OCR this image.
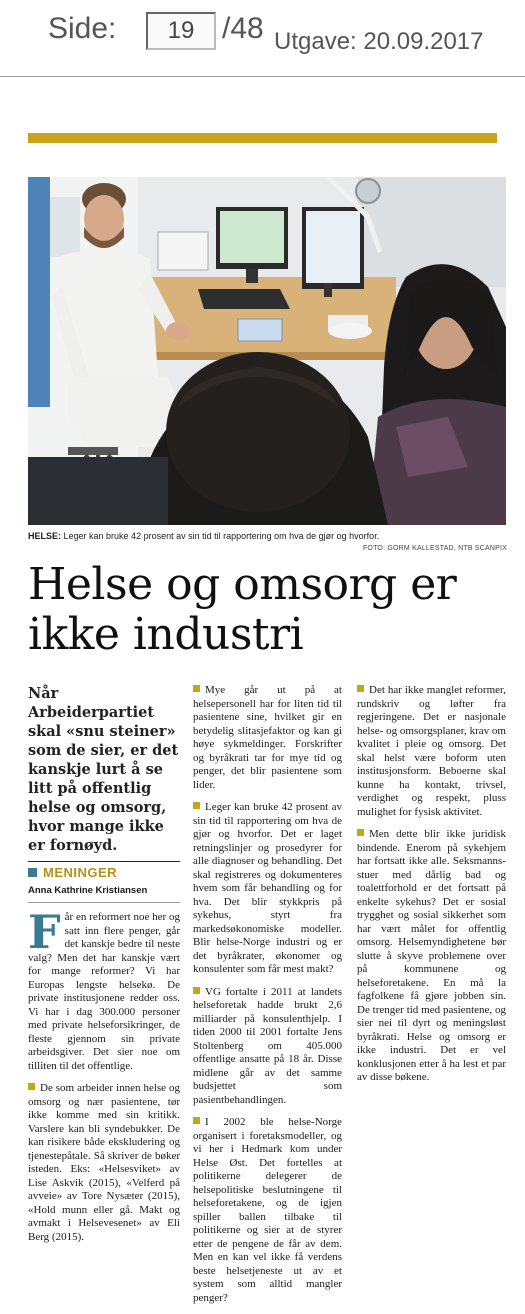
Side:	19 /48 Utgave: 20.09.2017
HELSE: Leger kan bruke 42 prosent av sin tid til rapportering om hva de gjør og hvorfor.
FOTO: GORM KALLESTAD, NTB SCANPIX
Helse og omsorg er ikke industri
Når Arbeiderpartiet skal «snu steiner» som de sier, er det kanskje lurt å se litt på offentlig helse og omsorg, hvor mange ikke er fornøyd.
MENINGER
Anna Kathrine Kristiansen

Får en reformert noe her og satt inn flere penger, går det kanskje bedre til neste valg? Men det har kanskje vært for mange reformer? Vi har Europas lengste helsekø. De private institusjonene redder oss. Vi har i dag 300.000 personer med private helseforsikringer, de fleste gjennom sin private arbeidsgiver. Det sier noe om tilliten til det offentlige.

De som arbeider innen helse og omsorg og nær pasientene, tør ikke komme med sin kritikk. Varslere kan bli syndebukker. De kan risikere både ekskludering og tjenestepåtale. Så skriver de bøker isteden. Eks: «Helsesviket» av Lise Askvik (2015), «Velferd på avveie» av Tore Nysæter (2015), «Hold munn eller gå. Makt og avmakt i Helsevesenet» av Eli Berg (2015).

Mye går ut på at helsepersonell har for liten tid til pasientene sine, hvilket gir en betydelig slitasjefaktor og kan gi høye sykmeldinger. Forskrifter og byråkrati tar for mye tid og penger, det blir pasientene som lider.

Leger kan bruke 42 prosent av sin tid til rapportering om hva de gjør og hvorfor. Det er laget retningslinjer og prosedyrer for alle diagnoser og behandling. Det skal registreres og dokumenteres hvem som får behandling og for hva. Det blir stykkpris på sykehus, styrt fra markedsøkonomiske modeller. Blir helse-Norge industri og er det byråkrater, økonomer og konsulenter som får mest makt?

VG fortalte i 2011 at landets helseforetak hadde brukt 2,6 milliarder på konsulenthjelp. I tiden 2000 til 2001 fortalte Jens Stoltenberg om 405.000 offentlige ansatte på 18 år. Disse midlene går av det samme budsjettet som pasientbehandlingen.

I 2002 ble helse-Norge organisert i foretaksmodeller, og vi her i Hedmark kom under Helse Øst. Det fortelles at politikerne delegerer de helsepolitiske beslutningene til helseforetakene, og de igjen spiller ballen tilbake til politikerne og sier at de styrer etter de pengene de får av dem. Men en kan vel ikke få verdens beste helsetjeneste ut av et system som alltid mangler penger?

Det har ikke manglet reformer, rundskriv og løfter fra regjeringene. Det er nasjonale helse- og omsorgsplaner, krav om kvalitet i pleie og omsorg. Det skal helst være boform uten institusjonsform. Beboerne skal kunne ha kontakt, trivsel, verdighet og respekt, pluss mulighet for fysisk aktivitet.

Men dette blir ikke juridisk bindende. Enerom på sykehjem har fortsatt ikke alle. Seksmanns-stuer med dårlig bad og toalettforhold er det fortsatt på enkelte sykehus? Det er sosial trygghet og sosial sikkerhet som har vært målet for offentlig omsorg. Helsemyndighetene bør slutte å skyve problemene over på kommunene og helseforetakene. En må la fagfolkene få gjøre jobben sin. De trenger tid med pasientene, og sier nei til dyrt og meningsløst byråkrati. Helse og omsorg er ikke industri. Det er vel konklusjonen etter å ha lest et par av disse bøkene.
